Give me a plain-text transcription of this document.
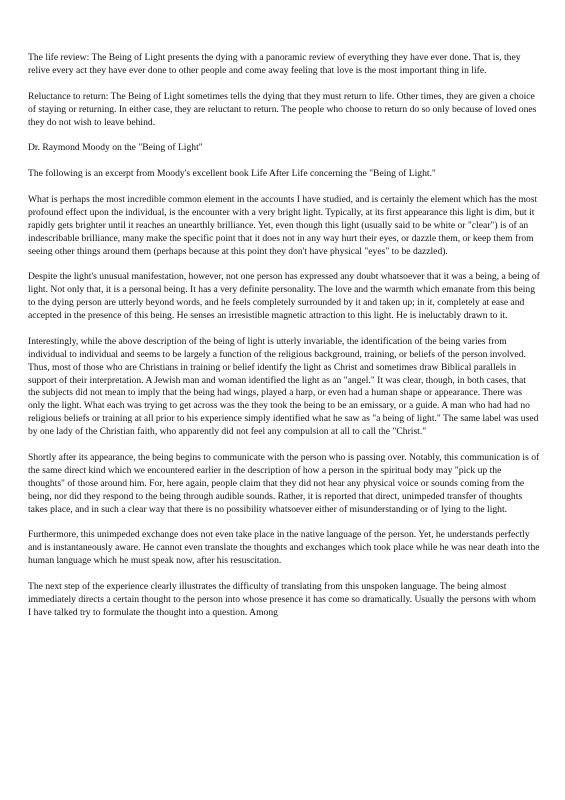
The life review: The Being of Light presents the dying with a panoramic review of everything they have ever done. That is, they relive every act they have ever done to other people and come away feeling that love is the most important thing in life.

Reluctance to return: The Being of Light sometimes tells the dying that they must return to life. Other times, they are given a choice of staying or returning. In either case, they are reluctant to return. The people who choose to return do so only because of loved ones they do not wish to leave behind.

Dr. Raymond Moody on the "Being of Light"

The following is an excerpt from Moody's excellent book Life After Life concerning the "Being of Light."

What is perhaps the most incredible common element in the accounts I have studied, and is certainly the element which has the most profound effect upon the individual, is the encounter with a very bright light. Typically, at its first appearance this light is dim, but it rapidly gets brighter until it reaches an unearthly brilliance. Yet, even though this light (usually said to be white or "clear") is of an indescribable brilliance, many make the specific point that it does not in any way hurt their eyes, or dazzle them, or keep them from seeing other things around them (perhaps because at this point they don't have physical "eyes" to be dazzled).

Despite the light's unusual manifestation, however, not one person has expressed any doubt whatsoever that it was a being, a being of light. Not only that, it is a personal being. It has a very definite personality. The love and the warmth which emanate from this being to the dying person are utterly beyond words, and he feels completely surrounded by it and taken up; in it, completely at ease and accepted in the presence of this being. He senses an irresistible magnetic attraction to this light. He is ineluctably drawn to it.

Interestingly, while the above description of the being of light is utterly invariable, the identification of the being varies from individual to individual and seems to be largely a function of the religious background, training, or beliefs of the person involved. Thus, most of those who are Christians in training or belief identify the light as Christ and sometimes draw Biblical parallels in support of their interpretation. A Jewish man and woman identified the light as an "angel." It was clear, though, in both cases, that the subjects did not mean to imply that the being had wings, played a harp, or even had a human shape or appearance. There was only the light. What each was trying to get across was the they took the being to be an emissary, or a guide. A man who had had no religious beliefs or training at all prior to his experience simply identified what he saw as "a being of light." The same label was used by one lady of the Christian faith, who apparently did not feel any compulsion at all to call the "Christ."

Shortly after its appearance, the being begins to communicate with the person who is passing over. Notably, this communication is of the same direct kind which we encountered earlier in the description of how a person in the spiritual body may "pick up the thoughts" of those around him. For, here again, people claim that they did not hear any physical voice or sounds coming from the being, nor did they respond to the being through audible sounds. Rather, it is reported that direct, unimpeded transfer of thoughts takes place, and in such a clear way that there is no possibility whatsoever either of misunderstanding or of lying to the light.

Furthermore, this unimpeded exchange does not even take place in the native language of the person. Yet, he understands perfectly and is instantaneously aware. He cannot even translate the thoughts and exchanges which took place while he was near death into the human language which he must speak now, after his resuscitation.

The next step of the experience clearly illustrates the difficulty of translating from this unspoken language. The being almost immediately directs a certain thought to the person into whose presence it has come so dramatically. Usually the persons with whom I have talked try to formulate the thought into a question. Among
